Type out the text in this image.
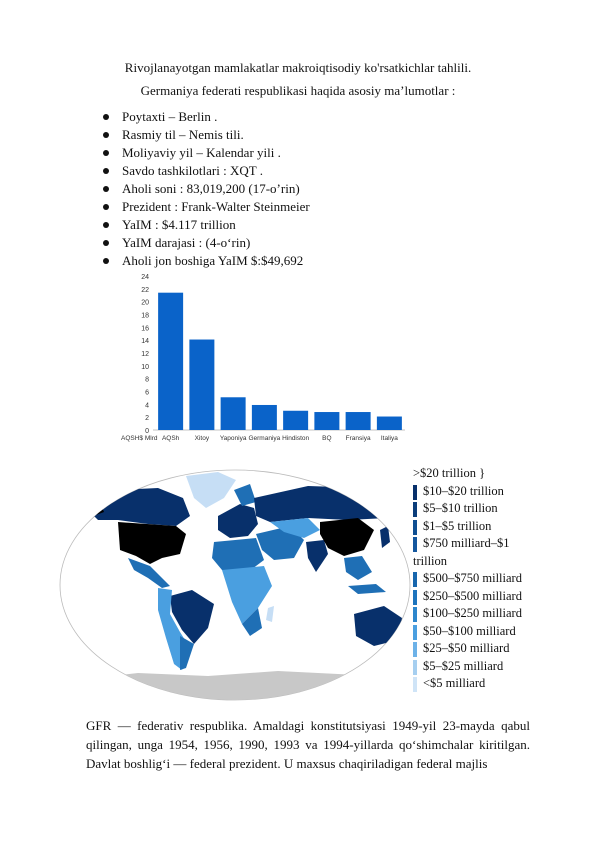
Rivojlanayotgan mamlakatlar makroiqtisodiy ko'rsatkichlar tahlili.
Germaniya federati respublikasi haqida asosiy ma’lumotlar :
Poytaxti – Berlin .
Rasmiy til – Nemis tili.
Moliyaviy yil – Kalendar yili .
Savdo tashkilotlari : XQT .
Aholi soni : 83,019,200 (17-o’rin)
Prezident : Frank-Walter Steinmeier
YaIM : $4.117 trillion
YaIM darajasi : (4-o‘rin)
Aholi jon boshiga YaIM $:$49,692
0
2
4
6
8
10
12
14
16
18
20
22
24
AQSh Xitoy Yaponiya Germaniya Hindiston BQ Fransiya Italiya
AQSH$ Mlrd
>$20 trillion }
$10–$20 trillion
$5–$10 trillion
$1–$5 trillion
$750 milliard–$1
trillion
$500–$750 milliard
$250–$500 milliard
$100–$250 milliard
$50–$100 milliard
$25–$50 milliard
$5–$25 milliard
<$5 milliard
GFR — federativ respublika. Amaldagi konstitutsiyasi 1949-yil 23-mayda qabul qilingan, unga 1954, 1956, 1990, 1993 va 1994-yillarda qo‘shimchalar kiritilgan. Davlat boshlig‘i — federal prezident. U maxsus chaqiriladigan federal majlis
